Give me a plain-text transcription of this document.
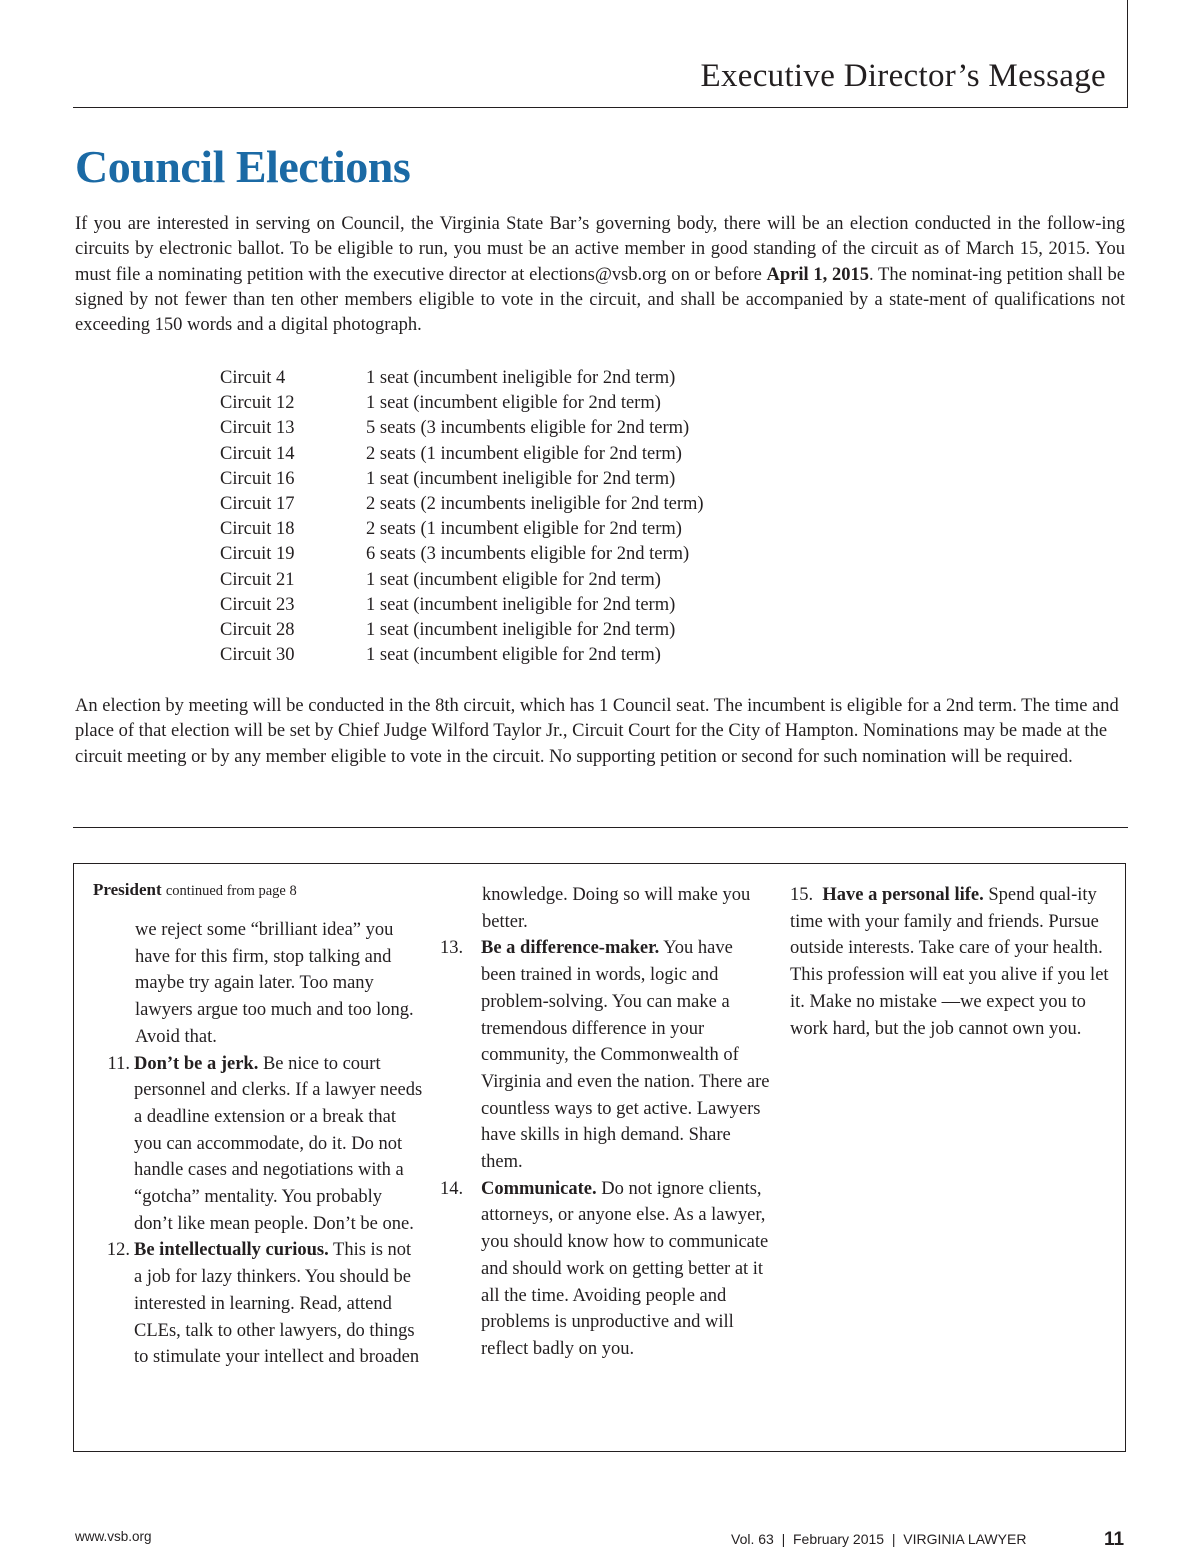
Executive Director’s Message
Council Elections

If you are interested in serving on Council, the Virginia State Bar’s governing body, there will be an election conducted in the follow-ing circuits by electronic ballot. To be eligible to run, you must be an active member in good standing of the circuit as of March 15, 2015. You must file a nominating petition with the executive director at elections@vsb.org on or before April 1, 2015. The nominat-ing petition shall be signed by not fewer than ten other members eligible to vote in the circuit, and shall be accompanied by a state-ment of qualifications not exceeding 150 words and a digital photograph.

Circuit 4	1 seat (incumbent ineligible for 2nd term)
Circuit 12	1 seat (incumbent eligible for 2nd term)
Circuit 13	5 seats (3 incumbents eligible for 2nd term)
Circuit 14	2 seats (1 incumbent eligible for 2nd term)
Circuit 16	1 seat (incumbent ineligible for 2nd term)
Circuit 17	2 seats (2 incumbents ineligible for 2nd term)
Circuit 18	2 seats (1 incumbent eligible for 2nd term)
Circuit 19	6 seats (3 incumbents eligible for 2nd term)
Circuit 21	1 seat (incumbent eligible for 2nd term)
Circuit 23	1 seat (incumbent ineligible for 2nd term)
Circuit 28	1 seat (incumbent ineligible for 2nd term)
Circuit 30	1 seat (incumbent eligible for 2nd term)

An election by meeting will be conducted in the 8th circuit, which has 1 Council seat. The incumbent is eligible for a 2nd term. The time and place of that election will be set by Chief Judge Wilford Taylor Jr., Circuit Court for the City of Hampton. Nominations may be made at the circuit meeting or by any member eligible to vote in the circuit. No supporting petition or second for such nomination will be required.

President continued from page 8
we reject some “brilliant idea” you have for this firm, stop talking and maybe try again later. Too many lawyers argue too much and too long. Avoid that.
11. Don’t be a jerk. Be nice to court personnel and clerks. If a lawyer needs a deadline extension or a break that you can accommodate, do it. Do not handle cases and negotiations with a “gotcha” mentality. You probably don’t like mean people. Don’t be one.
12. Be intellectually curious. This is not a job for lazy thinkers. You should be interested in learning. Read, attend CLEs, talk to other lawyers, do things to stimulate your intellect and broaden
knowledge. Doing so will make you better.
13. Be a difference-maker. You have been trained in words, logic and problem-solving. You can make a tremendous difference in your community, the Commonwealth of Virginia and even the nation. There are countless ways to get active. Lawyers have skills in high demand. Share them.
14. Communicate. Do not ignore clients, attorneys, or anyone else. As a lawyer, you should know how to communicate and should work on getting better at it all the time. Avoiding people and problems is unproductive and will reflect badly on you.
15. Have a personal life. Spend qual-ity time with your family and friends. Pursue outside interests. Take care of your health. This profession will eat you alive if you let it. Make no mistake —we expect you to work hard, but the job cannot own you.
www.vsb.org	Vol. 63  |  February 2015  |  VIRGINIA LAWYER	11
